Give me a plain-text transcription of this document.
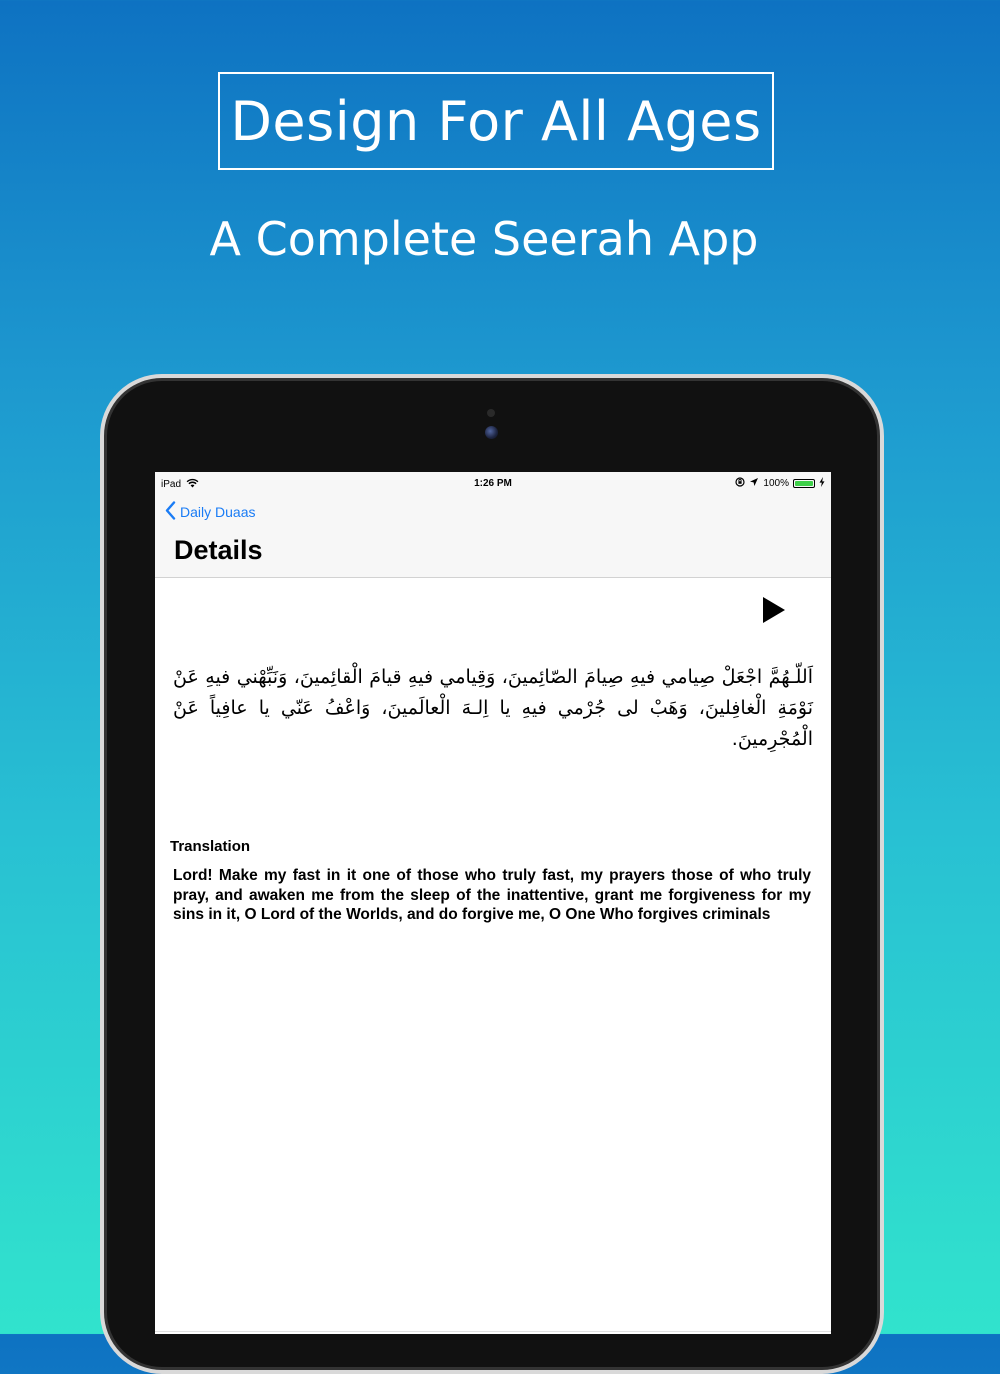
Design For All Ages
A Complete Seerah App
iPad	1:26 PM	100%
Daily Duaas
Details
اَللّـهُمَّ اجْعَلْ صِيامي فيهِ صِيامَ الصّائِمينَ، وَقِيامي فيهِ قيامَ الْقائِمينَ، وَنَبِّهْني فيهِ عَنْ نَوْمَةِ الْغافِلينَ، وَهَبْ لى جُرْمي فيهِ يا اِلـهَ الْعالَمينَ، وَاعْفُ عَنّي يا عافِياً عَنْ الْمُجْرِمينَ.
Translation
Lord! Make my fast in it one of those who truly fast, my prayers those of who truly pray, and awaken me from the sleep of the inattentive, grant me forgiveness for my sins in it, O Lord of the Worlds, and do forgive me, O One Who forgives criminals
